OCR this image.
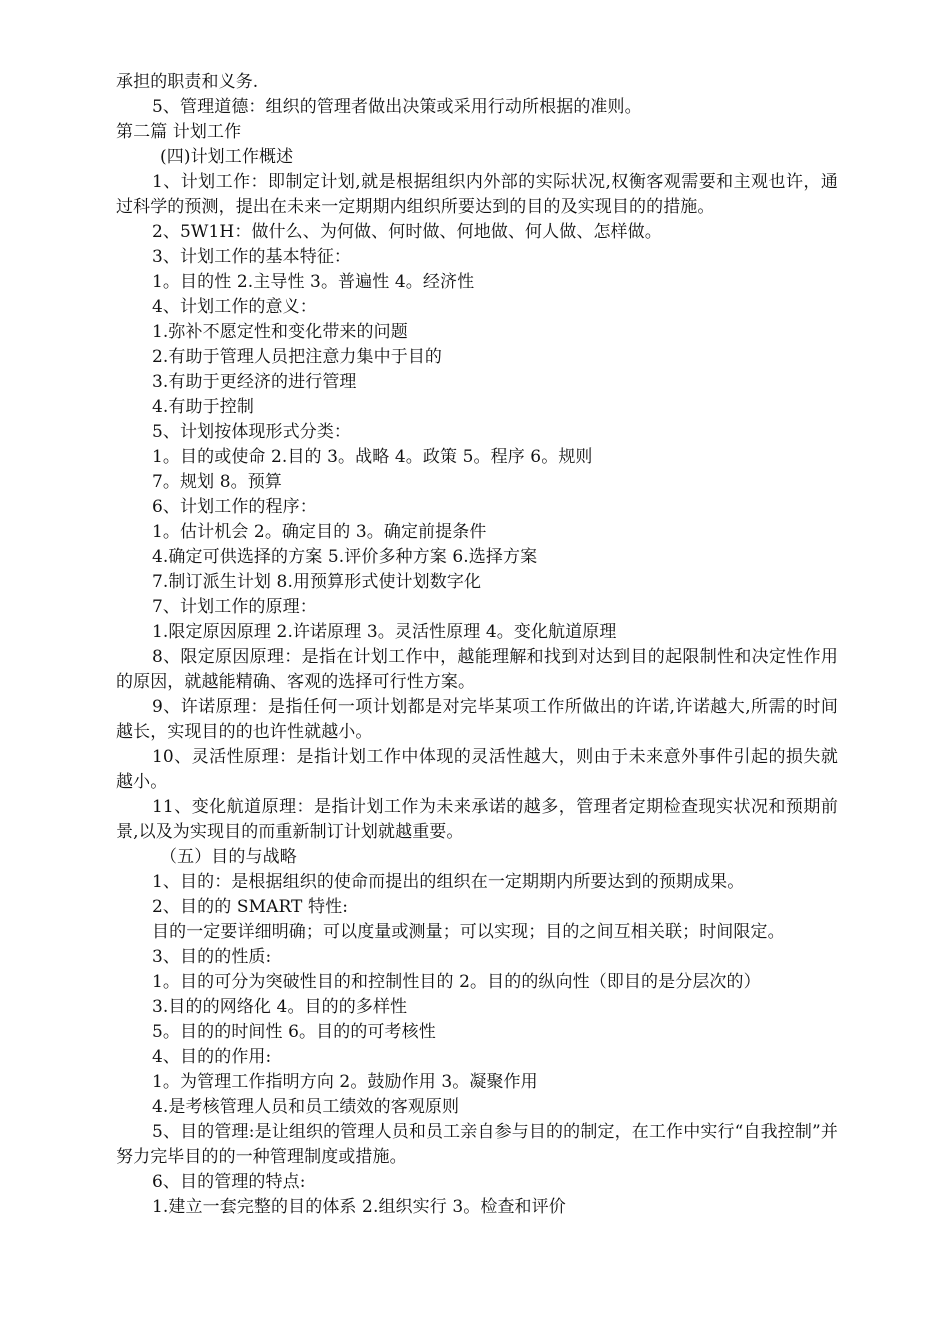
承担的职责和义务.

5、管理道德：组织的管理者做出决策或采用行动所根据的准则。

第二篇 计划工作

(四)计划工作概述

1、计划工作：即制定计划,就是根据组织内外部的实际状况,权衡客观需要和主观也许，通过科学的预测，提出在未来一定期期内组织所要达到的目的及实现目的的措施。

2、5W1H：做什么、为何做、何时做、何地做、何人做、怎样做。

3、计划工作的基本特征：

1。目的性 2.主导性 3。普遍性 4。经济性

4、计划工作的意义：

1.弥补不愿定性和变化带来的问题

2.有助于管理人员把注意力集中于目的

3.有助于更经济的进行管理

4.有助于控制

5、计划按体现形式分类：

1。目的或使命 2.目的 3。战略 4。政策 5。程序 6。规则

7。规划 8。预算

6、计划工作的程序：

1。估计机会 2。确定目的 3。确定前提条件

4.确定可供选择的方案 5.评价多种方案 6.选择方案

7.制订派生计划 8.用预算形式使计划数字化

7、计划工作的原理：

1.限定原因原理 2.许诺原理 3。灵活性原理 4。变化航道原理

8、限定原因原理：是指在计划工作中，越能理解和找到对达到目的起限制性和决定性作用的原因，就越能精确、客观的选择可行性方案。

9、许诺原理：是指任何一项计划都是对完毕某项工作所做出的许诺,许诺越大,所需的时间越长，实现目的的也许性就越小。

10、灵活性原理：是指计划工作中体现的灵活性越大，则由于未来意外事件引起的损失就越小。

11、变化航道原理：是指计划工作为未来承诺的越多，管理者定期检查现实状况和预期前景,以及为实现目的而重新制订计划就越重要。

（五）目的与战略

1、目的：是根据组织的使命而提出的组织在一定期期内所要达到的预期成果。

2、目的的 SMART 特性:

目的一定要详细明确；可以度量或测量；可以实现；目的之间互相关联；时间限定。

3、目的的性质:

1。目的可分为突破性目的和控制性目的 2。目的的纵向性（即目的是分层次的）

3.目的的网络化 4。目的的多样性

5。目的的时间性 6。目的的可考核性

4、目的的作用:

1。为管理工作指明方向 2。鼓励作用 3。凝聚作用

4.是考核管理人员和员工绩效的客观原则

5、目的管理:是让组织的管理人员和员工亲自参与目的的制定，在工作中实行“自我控制”并努力完毕目的的一种管理制度或措施。

6、目的管理的特点:

1.建立一套完整的目的体系 2.组织实行 3。检查和评价
